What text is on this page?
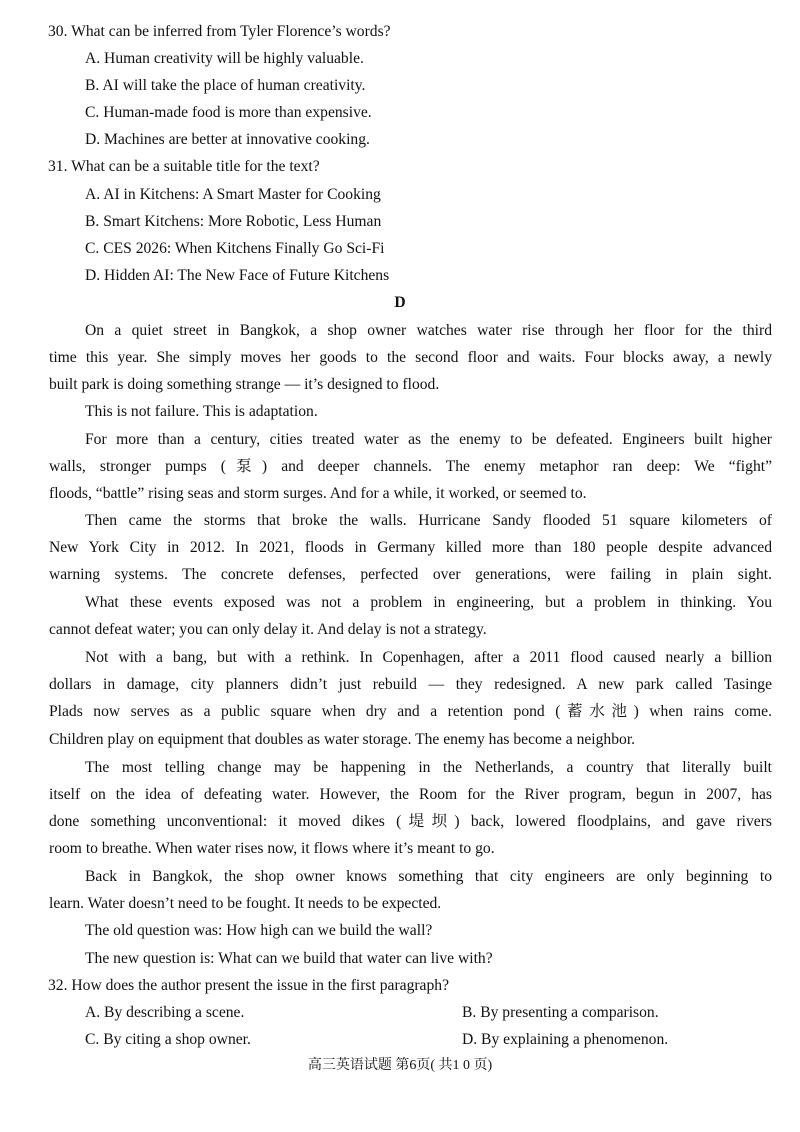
30. What can be inferred from Tyler Florence’s words?
A. Human creativity will be highly valuable.
B. AI will take the place of human creativity.
C. Human-made food is more than expensive.
D. Machines are better at innovative cooking.
31. What can be a suitable title for the text?
A. AI in Kitchens: A Smart Master for Cooking
B. Smart Kitchens: More Robotic, Less Human
C. CES 2026: When Kitchens Finally Go Sci-Fi
D. Hidden AI: The New Face of Future Kitchens
D
On a quiet street in Bangkok, a shop owner watches water rise through her floor for the third
time this year. She simply moves her goods to the second floor and waits. Four blocks away, a newly
built park is doing something strange — it’s designed to flood.
This is not failure. This is adaptation.
For more than a century, cities treated water as the enemy to be defeated. Engineers built higher
walls, stronger pumps (泵) and deeper channels. The enemy metaphor ran deep: We “fight”
floods, “battle” rising seas and storm surges. And for a while, it worked, or seemed to.
Then came the storms that broke the walls. Hurricane Sandy flooded 51 square kilometers of
New York City in 2012. In 2021, floods in Germany killed more than 180 people despite advanced
warning systems. The concrete defenses, perfected over generations, were failing in plain sight.
What these events exposed was not a problem in engineering, but a problem in thinking. You
cannot defeat water; you can only delay it. And delay is not a strategy.
Not with a bang, but with a rethink. In Copenhagen, after a 2011 flood caused nearly a billion
dollars in damage, city planners didn’t just rebuild — they redesigned. A new park called Tasinge
Plads now serves as a public square when dry and a retention pond (蓄水池) when rains come.
Children play on equipment that doubles as water storage. The enemy has become a neighbor.
The most telling change may be happening in the Netherlands, a country that literally built
itself on the idea of defeating water. However, the Room for the River program, begun in 2007, has
done something unconventional: it moved dikes (堤坝) back, lowered floodplains, and gave rivers
room to breathe. When water rises now, it flows where it’s meant to go.
Back in Bangkok, the shop owner knows something that city engineers are only beginning to
learn. Water doesn’t need to be fought. It needs to be expected.
The old question was: How high can we build the wall?
The new question is: What can we build that water can live with?
32. How does the author present the issue in the first paragraph?
A. By describing a scene.	B. By presenting a comparison.
C. By citing a shop owner.	D. By explaining a phenomenon.
高三英语试题 第6页( 共1 0 页)
